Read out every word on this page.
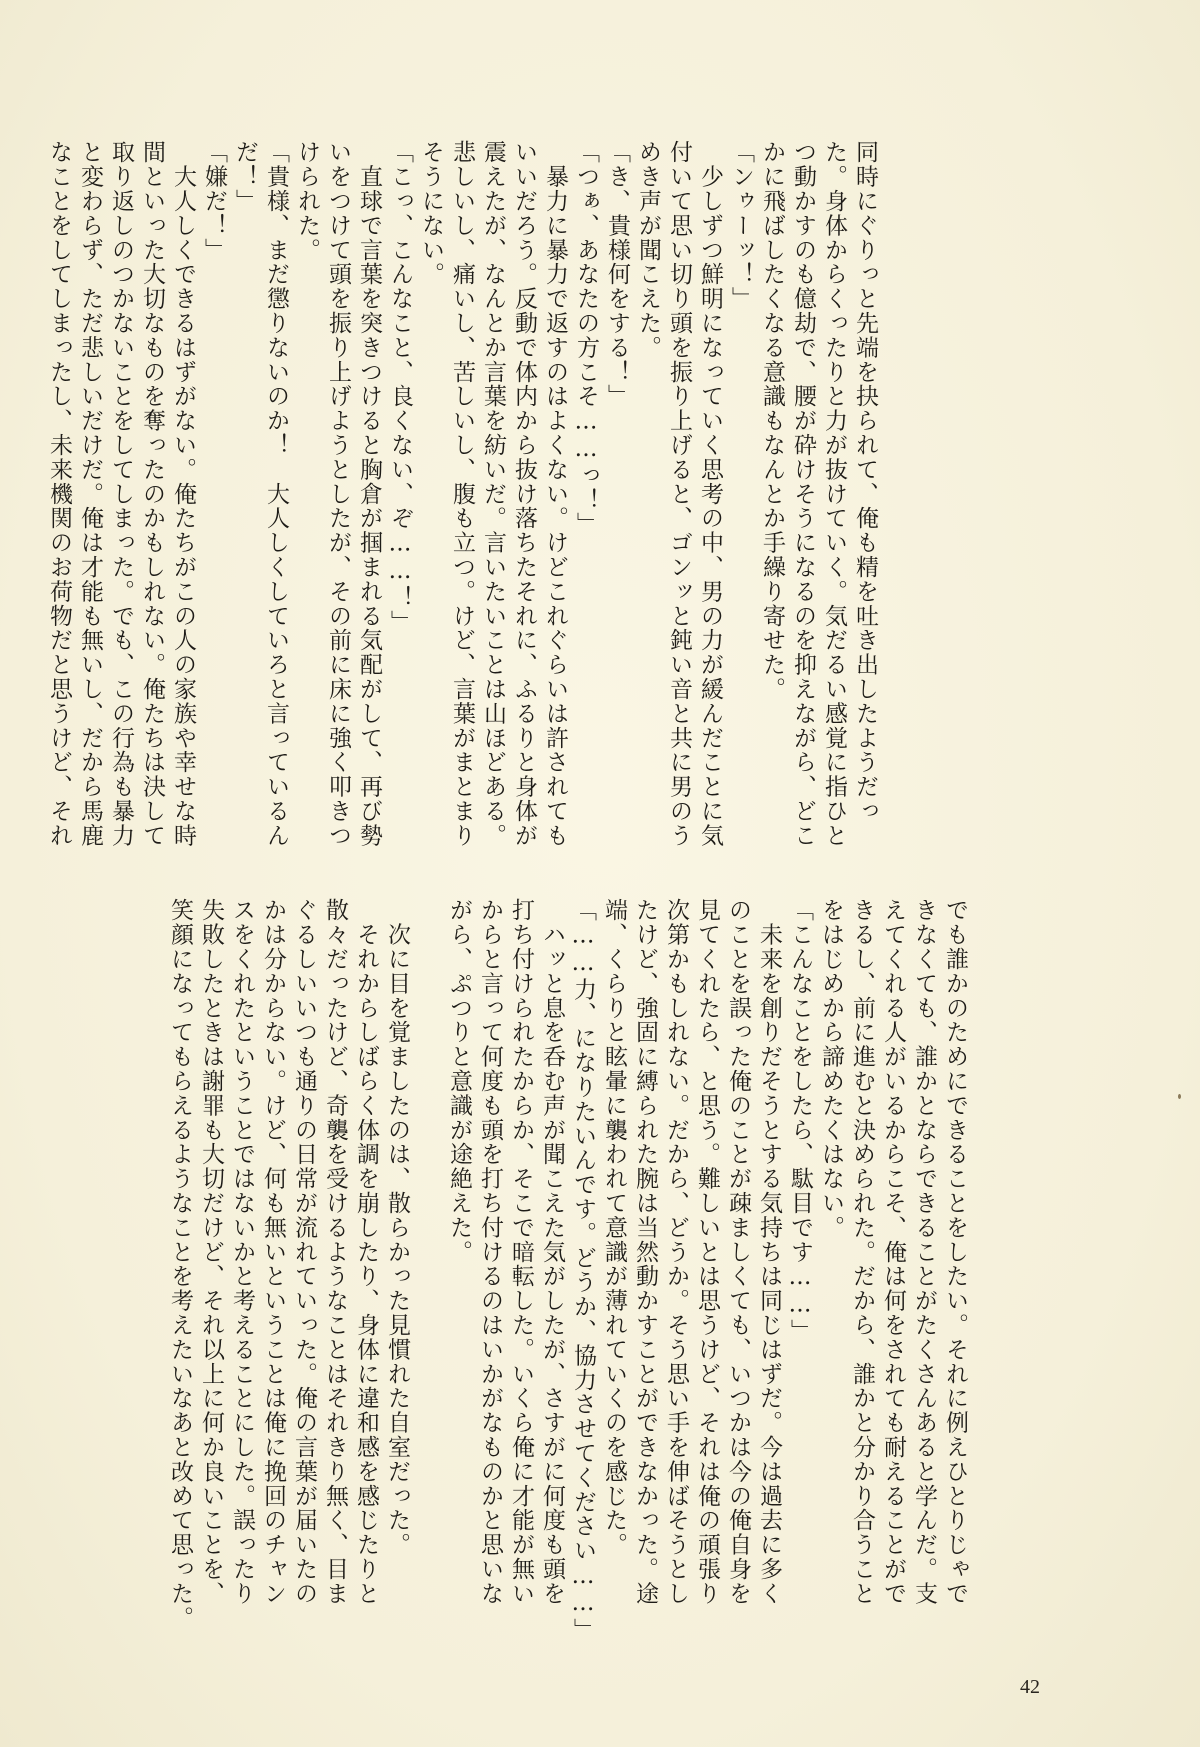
同時にぐりっと先端を抉られて、俺も精を吐き出したようだっ
た。身体からくったりと力が抜けていく。気だるい感覚に指ひと
つ動かすのも億劫で、腰が砕けそうになるのを抑えながら、どこ
かに飛ばしたくなる意識もなんとか手繰り寄せた。
「ンゥーッ！」
　少しずつ鮮明になっていく思考の中、男の力が緩んだことに気
付いて思い切り頭を振り上げると、ゴンッと鈍い音と共に男のう
めき声が聞こえた。
「き、貴様何をする！」
「つぁ、あなたの方こそ……っ！」
　暴力に暴力で返すのはよくない。けどこれぐらいは許されても
いいだろう。反動で体内から抜け落ちたそれに、ふるりと身体が
震えたが、なんとか言葉を紡いだ。言いたいことは山ほどある。
悲しいし、痛いし、苦しいし、腹も立つ。けど、言葉がまとまり
そうにない。
「こっ、こんなこと、良くない、ぞ……！」
　直球で言葉を突きつけると胸倉が掴まれる気配がして、再び勢
いをつけて頭を振り上げようとしたが、その前に床に強く叩きつ
けられた。
「貴様、まだ懲りないのか！　大人しくしていろと言っているん
だ！」
「嫌だ！」
　大人しくできるはずがない。俺たちがこの人の家族や幸せな時
間といった大切なものを奪ったのかもしれない。俺たちは決して
取り返しのつかないことをしてしまった。でも、この行為も暴力
と変わらず、ただ悲しいだけだ。俺は才能も無いし、だから馬鹿
なことをしてしまったし、未来機関のお荷物だと思うけど、それ
でも誰かのためにできることをしたい。それに例えひとりじゃで
きなくても、誰かとならできることがたくさんあると学んだ。支
えてくれる人がいるからこそ、俺は何をされても耐えることがで
きるし、前に進むと決められた。だから、誰かと分かり合うこと
をはじめから諦めたくはない。
「こんなことをしたら、駄目です……」
　未来を創りだそうとする気持ちは同じはずだ。今は過去に多く
のことを誤った俺のことが疎ましくても、いつかは今の俺自身を
見てくれたら、と思う。難しいとは思うけど、それは俺の頑張り
次第かもしれない。だから、どうか。そう思い手を伸ばそうとし
たけど、強固に縛られた腕は当然動かすことができなかった。途
端、くらりと眩暈に襲われて意識が薄れていくのを感じた。
「……力、になりたいんです。どうか、協力させてください……」
　ハッと息を呑む声が聞こえた気がしたが、さすがに何度も頭を
打ち付けられたからか、そこで暗転した。いくら俺に才能が無い
からと言って何度も頭を打ち付けるのはいかがなものかと思いな
がら、ぷつりと意識が途絶えた。

　次に目を覚ましたのは、散らかった見慣れた自室だった。
　それからしばらく体調を崩したり、身体に違和感を感じたりと
散々だったけど、奇襲を受けるようなことはそれきり無く、目ま
ぐるしいいつも通りの日常が流れていった。俺の言葉が届いたの
かは分からない。けど、何も無いということは俺に挽回のチャン
スをくれたということではないかと考えることにした。誤ったり
失敗したときは謝罪も大切だけど、それ以上に何か良いことを、
笑顔になってもらえるようなことを考えたいなあと改めて思った。
42
